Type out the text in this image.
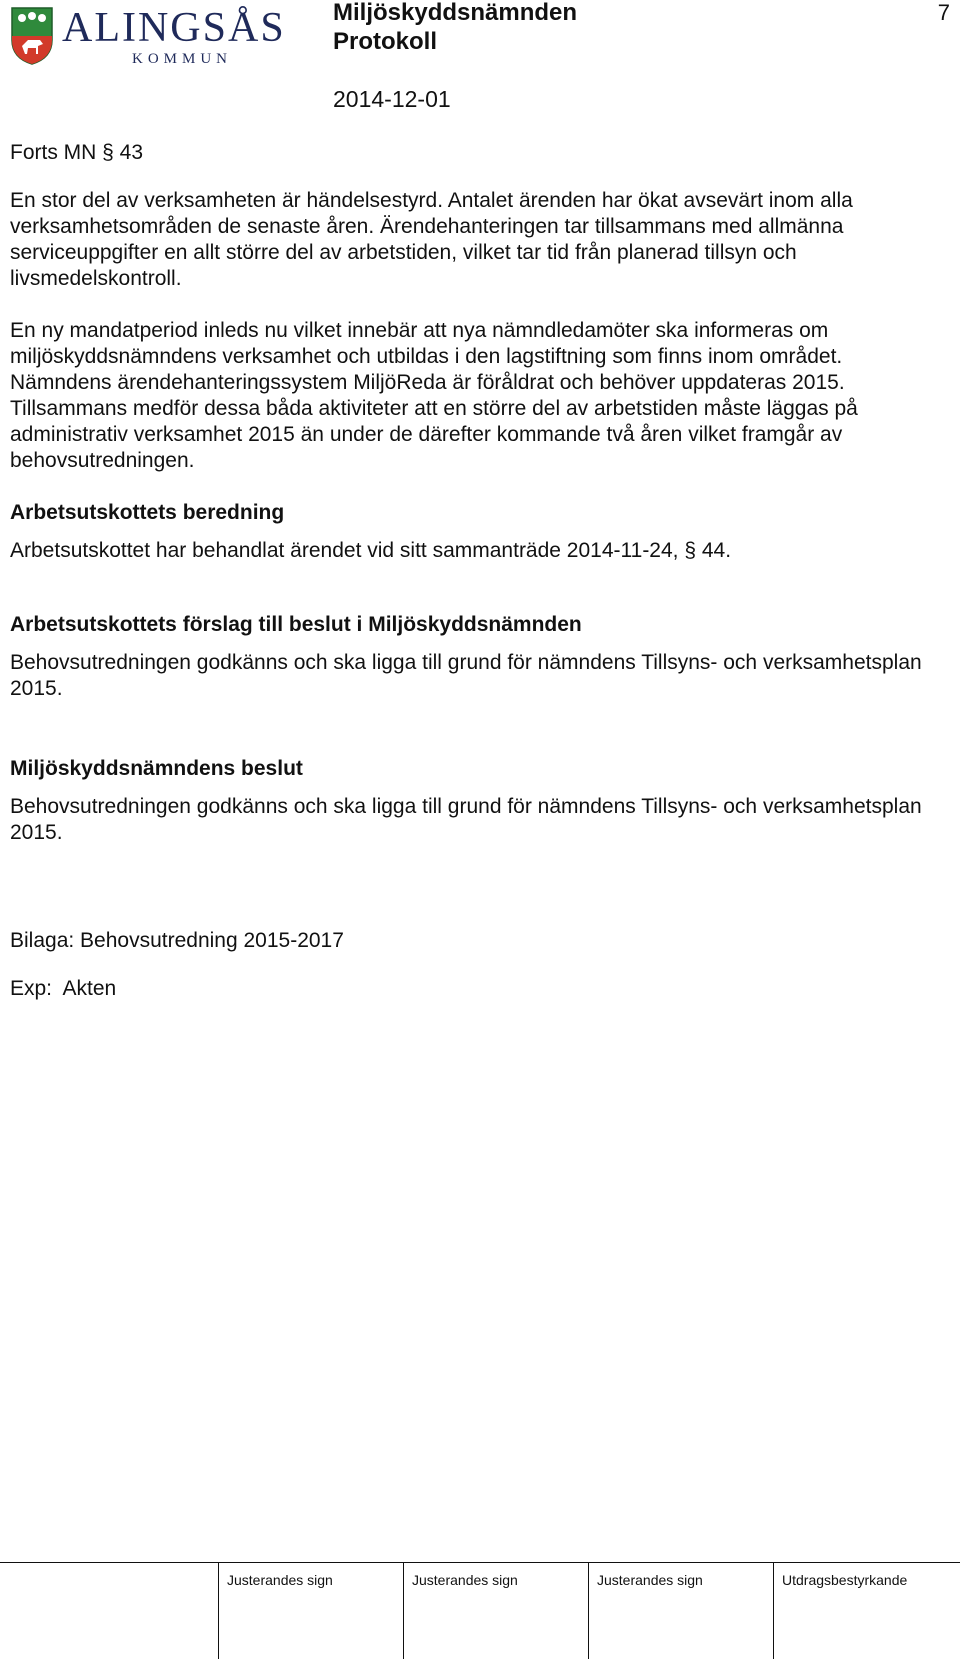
ALINGSÅS
KOMMUN
Miljöskyddsnämnden
Protokoll
7
2014-12-01

Forts MN § 43

En stor del av verksamheten är händelsestyrd. Antalet ärenden har ökat avsevärt inom alla verksamhetsområden de senaste åren. Ärendehanteringen tar tillsammans med allmänna serviceuppgifter en allt större del av arbetstiden, vilket tar tid från planerad tillsyn och livsmedelskontroll.

En ny mandatperiod inleds nu vilket innebär att nya nämndledamöter ska informeras om miljöskyddsnämndens verksamhet och utbildas i den lagstiftning som finns inom området.

Nämndens ärendehanteringssystem MiljöReda är föråldrat och behöver uppdateras 2015.

Tillsammans medför dessa båda aktiviteter att en större del av arbetstiden måste läggas på administrativ verksamhet 2015 än under de därefter kommande två åren vilket framgår av behovsutredningen.

Arbetsutskottets beredning

Arbetsutskottet har behandlat ärendet vid sitt sammanträde 2014-11-24, § 44.

Arbetsutskottets förslag till beslut i Miljöskyddsnämnden

Behovsutredningen godkänns och ska ligga till grund för nämndens Tillsyns- och verksamhetsplan 2015.

Miljöskyddsnämndens beslut

Behovsutredningen godkänns och ska ligga till grund för nämndens Tillsyns- och verksamhetsplan 2015.

Bilaga: Behovsutredning 2015-2017

Exp:  Akten

Justerandes sign	Justerandes sign	Justerandes sign	Utdragsbestyrkande
